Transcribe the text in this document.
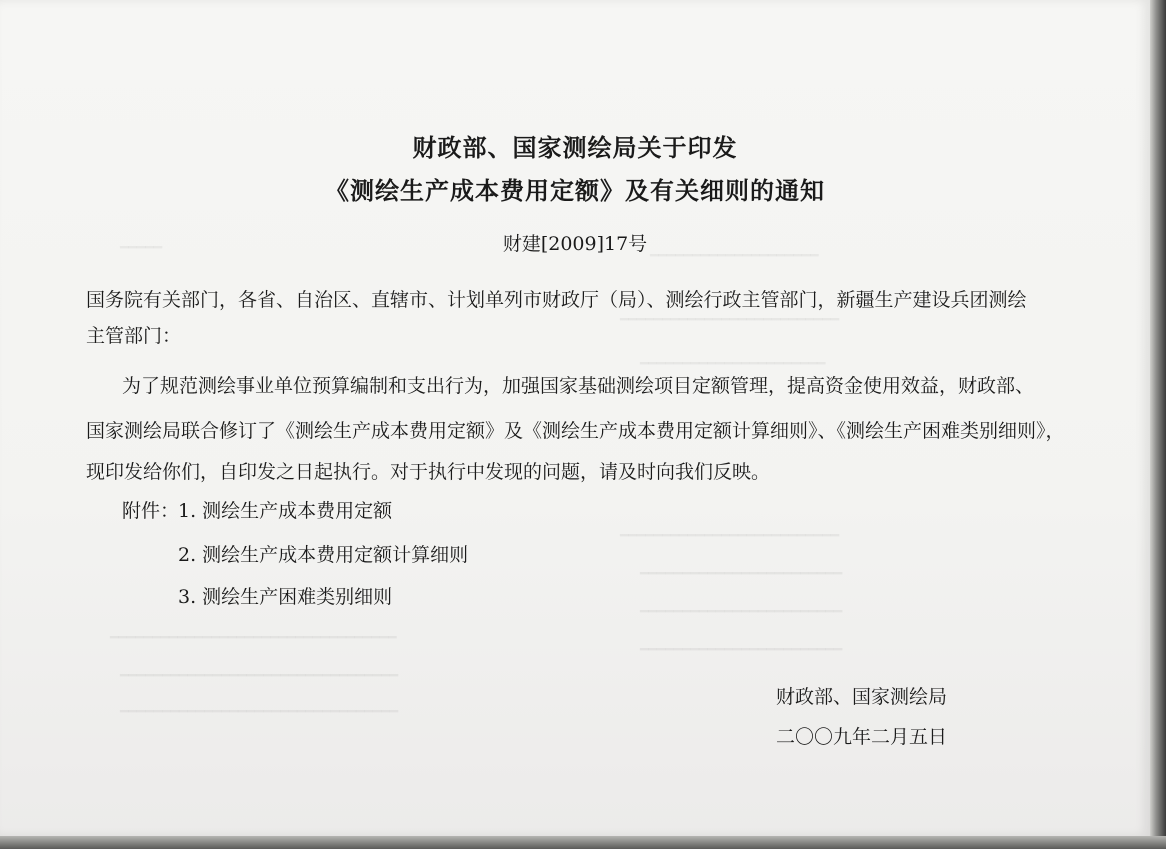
━━━━━	━━━━━━━━━━━━━━━━━━━━
━━━━━━━━━━━━━━━━━━━━━━━━━━
━━━━━━━━━━━━━━━━━━━━━━
━━━━━━━━━━━━━━━━━━━━━━━━━━
━━━━━━━━━━━━━━━━━━━━━━━━
━━━━━━━━━━━━━━━━━━━━━━━━
━━━━━━━━━━━━━━━━━━━━━━━━━━━━━━━━━━
━━━━━━━━━━━━━━━━━━━━━━━━
━━━━━━━━━━━━━━━━━━━━━━━━━━━━━━━━━
━━━━━━━━━━━━━━━━━━━━━━━━━━━━━━━━━
财政部、国家测绘局关于印发
《测绘生产成本费用定额》及有关细则的通知
财建[2009]17号
国务院有关部门，各省、自治区、直辖市、计划单列市财政厅（局）、测绘行政主管部门，新疆生产建设兵团测绘
主管部门：
为了规范测绘事业单位预算编制和支出行为，加强国家基础测绘项目定额管理，提高资金使用效益，财政部、
国家测绘局联合修订了《测绘生产成本费用定额》及《测绘生产成本费用定额计算细则》、《测绘生产困难类别细则》，
现印发给你们，自印发之日起执行。对于执行中发现的问题，请及时向我们反映。
附件：
1. 测绘生产成本费用定额
2. 测绘生产成本费用定额计算细则
3. 测绘生产困难类别细则
财政部、国家测绘局
二〇〇九年二月五日
